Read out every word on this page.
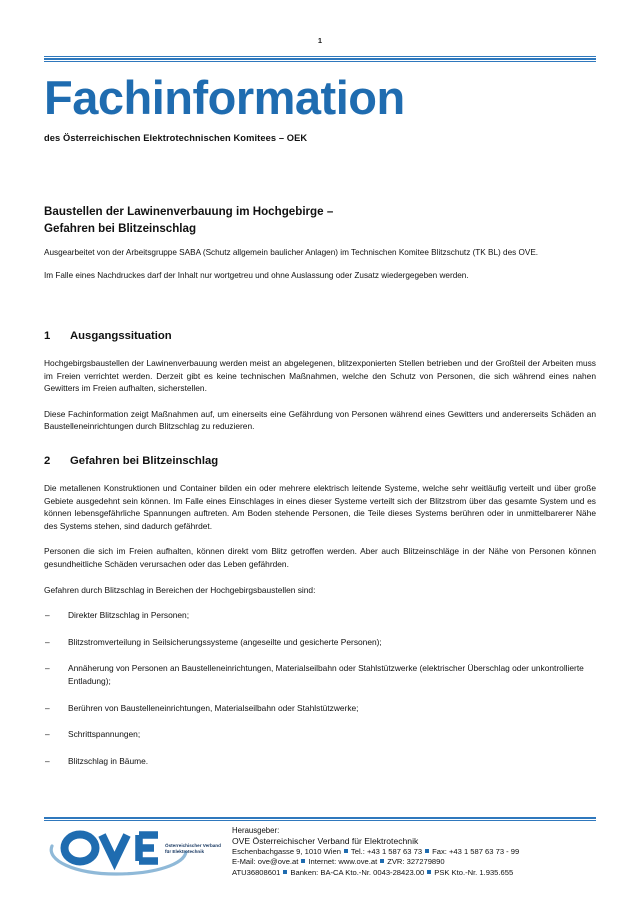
1
Fachinformation
des Österreichischen Elektrotechnischen Komitees – OEK
Baustellen der Lawinenverbauung im Hochgebirge –
Gefahren bei Blitzeinschlag

Ausgearbeitet von der Arbeitsgruppe SABA (Schutz allgemein baulicher Anlagen) im Technischen Komitee Blitzschutz (TK BL) des OVE.

Im Falle eines Nachdruckes darf der Inhalt nur wortgetreu und ohne Auslassung oder Zusatz wiedergegeben werden.

1	Ausgangssituation

Hochgebirgsbaustellen der Lawinenverbauung werden meist an abgelegenen, blitzexponierten Stellen betrieben und der Großteil der Arbeiten muss im Freien verrichtet werden. Derzeit gibt es keine technischen Maßnahmen, welche den Schutz von Personen, die sich während eines nahen Gewitters im Freien aufhalten, sicherstellen.

Diese Fachinformation zeigt Maßnahmen auf, um einerseits eine Gefährdung von Personen während eines Gewitters und andererseits Schäden an Baustelleneinrichtungen durch Blitzschlag zu reduzieren.

2	Gefahren bei Blitzeinschlag

Die metallenen Konstruktionen und Container bilden ein oder mehrere elektrisch leitende Systeme, welche sehr weitläufig verteilt und über große Gebiete ausgedehnt sein können. Im Falle eines Einschlages in eines dieser Systeme verteilt sich der Blitzstrom über das gesamte System und es können lebensgefährliche Spannungen auftreten. Am Boden stehende Personen, die Teile dieses Systems berühren oder in unmittelbarerer Nähe des Systems stehen, sind dadurch gefährdet.

Personen die sich im Freien aufhalten, können direkt vom Blitz getroffen werden. Aber auch Blitzeinschläge in der Nähe von Personen können gesundheitliche Schäden verursachen oder das Leben gefährden.

Gefahren durch Blitzschlag in Bereichen der Hochgebirgsbaustellen sind:

– Direkter Blitzschlag in Personen;
– Blitzstromverteilung in Seilsicherungssysteme (angeseilte und gesicherte Personen);
– Annäherung von Personen an Baustelleneinrichtungen, Materialseilbahn oder Stahlstützwerke (elektrischer Überschlag oder unkontrollierte Entladung);
– Berühren von Baustelleneinrichtungen, Materialseilbahn oder Stahlstützwerke;
– Schrittspannungen;
– Blitzschlag in Bäume.
Österreichischer Verband
für Elektrotechnik
Herausgeber:
OVE Österreichischer Verband für Elektrotechnik
Eschenbachgasse 9, 1010 Wien Tel.: +43 1 587 63 73 Fax: +43 1 587 63 73 - 99
E-Mail: ove@ove.at Internet: www.ove.at ZVR: 327279890
ATU36808601 Banken: BA-CA Kto.-Nr. 0043-28423.00 PSK Kto.-Nr. 1.935.655
